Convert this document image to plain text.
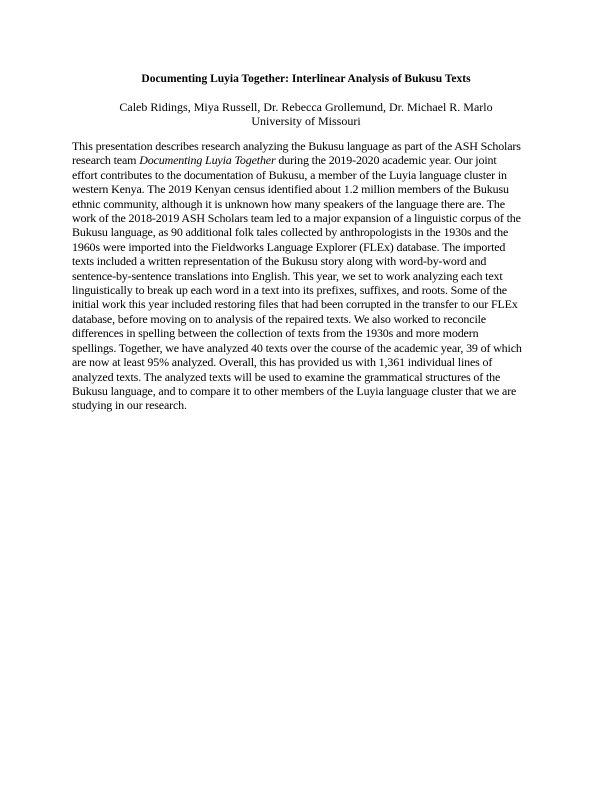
Documenting Luyia Together: Interlinear Analysis of Bukusu Texts
Caleb Ridings, Miya Russell, Dr. Rebecca Grollemund, Dr. Michael R. Marlo
University of Missouri
This presentation describes research analyzing the Bukusu language as part of the ASH Scholars
research team Documenting Luyia Together during the 2019-2020 academic year. Our joint
effort contributes to the documentation of Bukusu, a member of the Luyia language cluster in
western Kenya. The 2019 Kenyan census identified about 1.2 million members of the Bukusu
ethnic community, although it is unknown how many speakers of the language there are. The
work of the 2018-2019 ASH Scholars team led to a major expansion of a linguistic corpus of the
Bukusu language, as 90 additional folk tales collected by anthropologists in the 1930s and the
1960s were imported into the Fieldworks Language Explorer (FLEx) database. The imported
texts included a written representation of the Bukusu story along with word-by-word and
sentence-by-sentence translations into English. This year, we set to work analyzing each text
linguistically to break up each word in a text into its prefixes, suffixes, and roots. Some of the
initial work this year included restoring files that had been corrupted in the transfer to our FLEx
database, before moving on to analysis of the repaired texts. We also worked to reconcile
differences in spelling between the collection of texts from the 1930s and more modern
spellings. Together, we have analyzed 40 texts over the course of the academic year, 39 of which
are now at least 95% analyzed. Overall, this has provided us with 1,361 individual lines of
analyzed texts. The analyzed texts will be used to examine the grammatical structures of the
Bukusu language, and to compare it to other members of the Luyia language cluster that we are
studying in our research.
